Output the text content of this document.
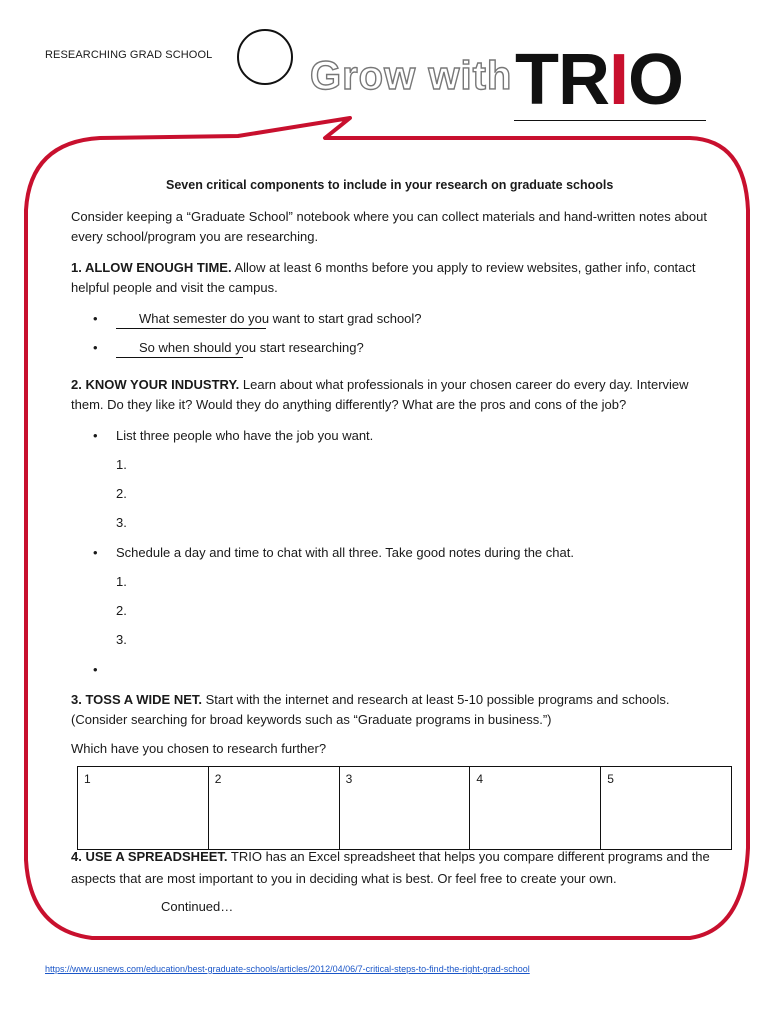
RESEARCHING GRAD SCHOOL Grow with TRIO
Seven critical components to include in your research on graduate schools
Consider keeping a “Graduate School” notebook where you can collect materials and hand-written notes about every school/program you are researching.
1. ALLOW ENOUGH TIME. Allow at least 6 months before you apply to review websites, gather info, contact helpful people and visit the campus.
What semester do you want to start grad school?
So when should you start researching?
2. KNOW YOUR INDUSTRY. Learn about what professionals in your chosen career do every day. Interview them. Do they like it? Would they do anything differently? What are the pros and cons of the job?
List three people who have the job you want.
1.
2.
3.
Schedule a day and time to chat with all three. Take good notes during the chat.
1.
2.
3.
3. TOSS A WIDE NET. Start with the internet and research at least 5-10 possible programs and schools. (Consider searching for broad keywords such as “Graduate programs in business.”)
Which have you chosen to research further?
1	2	3	4	5
4. USE A SPREADSHEET. TRIO has an Excel spreadsheet that helps you compare different programs and the aspects that are most important to you in deciding what is best. Or feel free to create your own.
Continued…
https://www.usnews.com/education/best-graduate-schools/articles/2012/04/06/7-critical-steps-to-find-the-right-grad-school
